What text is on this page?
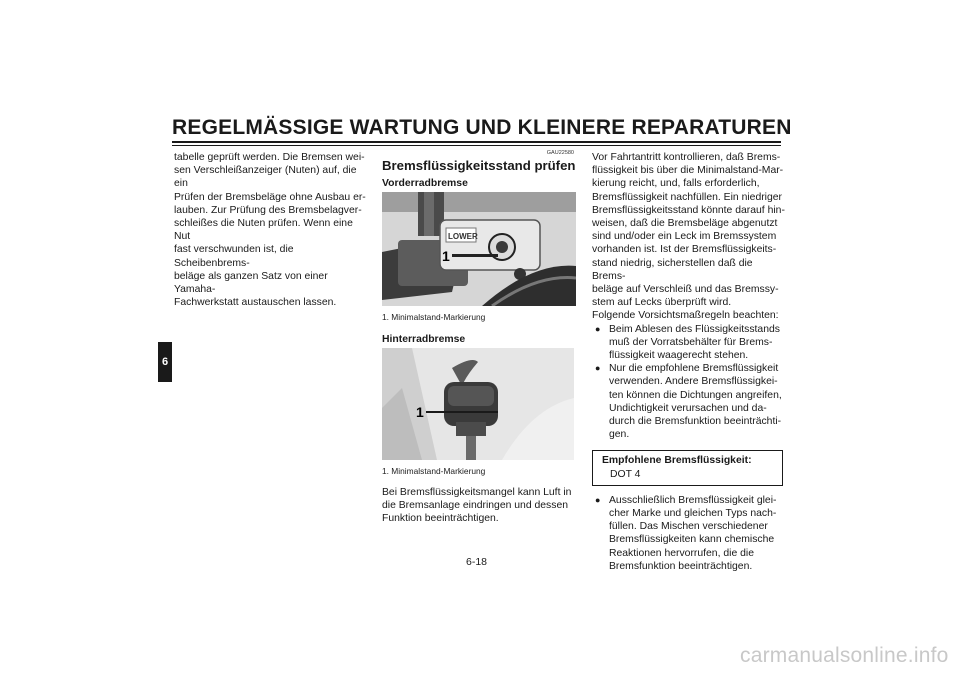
REGELMÄSSIGE WARTUNG UND KLEINERE REPARATUREN
6

tabelle geprüft werden. Die Bremsen wei-

sen Verschleißanzeiger (Nuten) auf, die ein

Prüfen der Bremsbeläge ohne Ausbau er-

lauben. Zur Prüfung des Bremsbelagver-

schleißes die Nuten prüfen. Wenn eine Nut

fast verschwunden ist, die Scheibenbrems-

beläge als ganzen Satz von einer Yamaha-

Fachwerkstatt austauschen lassen.

GAU22580
Bremsflüssigkeitsstand prüfen

Vorderradbremse

LOWER
1

1. Minimalstand-Markierung

Hinterradbremse

1

1. Minimalstand-Markierung

Bei Bremsflüssigkeitsmangel kann Luft in

die Bremsanlage eindringen und dessen

Funktion beeinträchtigen.

Vor Fahrtantritt kontrollieren, daß Brems-

flüssigkeit bis über die Minimalstand-Mar-

kierung reicht, und, falls erforderlich,

Bremsflüssigkeit nachfüllen. Ein niedriger

Bremsflüssigkeitsstand könnte darauf hin-

weisen, daß die Bremsbeläge abgenutzt

sind und/oder ein Leck im Bremssystem

vorhanden ist. Ist der Bremsflüssigkeits-

stand niedrig, sicherstellen daß die Brems-

beläge auf Verschleiß und das Bremssy-

stem auf Lecks überprüft wird.

Folgende Vorsichtsmaßregeln beachten:

● Beim Ablesen des Flüssigkeitsstands

muß der Vorratsbehälter für Brems-

flüssigkeit waagerecht stehen.

● Nur die empfohlene Bremsflüssigkeit

verwenden. Andere Bremsflüssigkei-

ten können die Dichtungen angreifen,

Undichtigkeit verursachen und da-

durch die Bremsfunktion beeinträchti-

gen.

Empfohlene Bremsflüssigkeit:

DOT 4

● Ausschließlich Bremsflüssigkeit glei-

cher Marke und gleichen Typs nach-

füllen. Das Mischen verschiedener

Bremsflüssigkeiten kann chemische

Reaktionen hervorrufen, die die

Bremsfunktion beeinträchtigen.

6-18
carmanualsonline.info
